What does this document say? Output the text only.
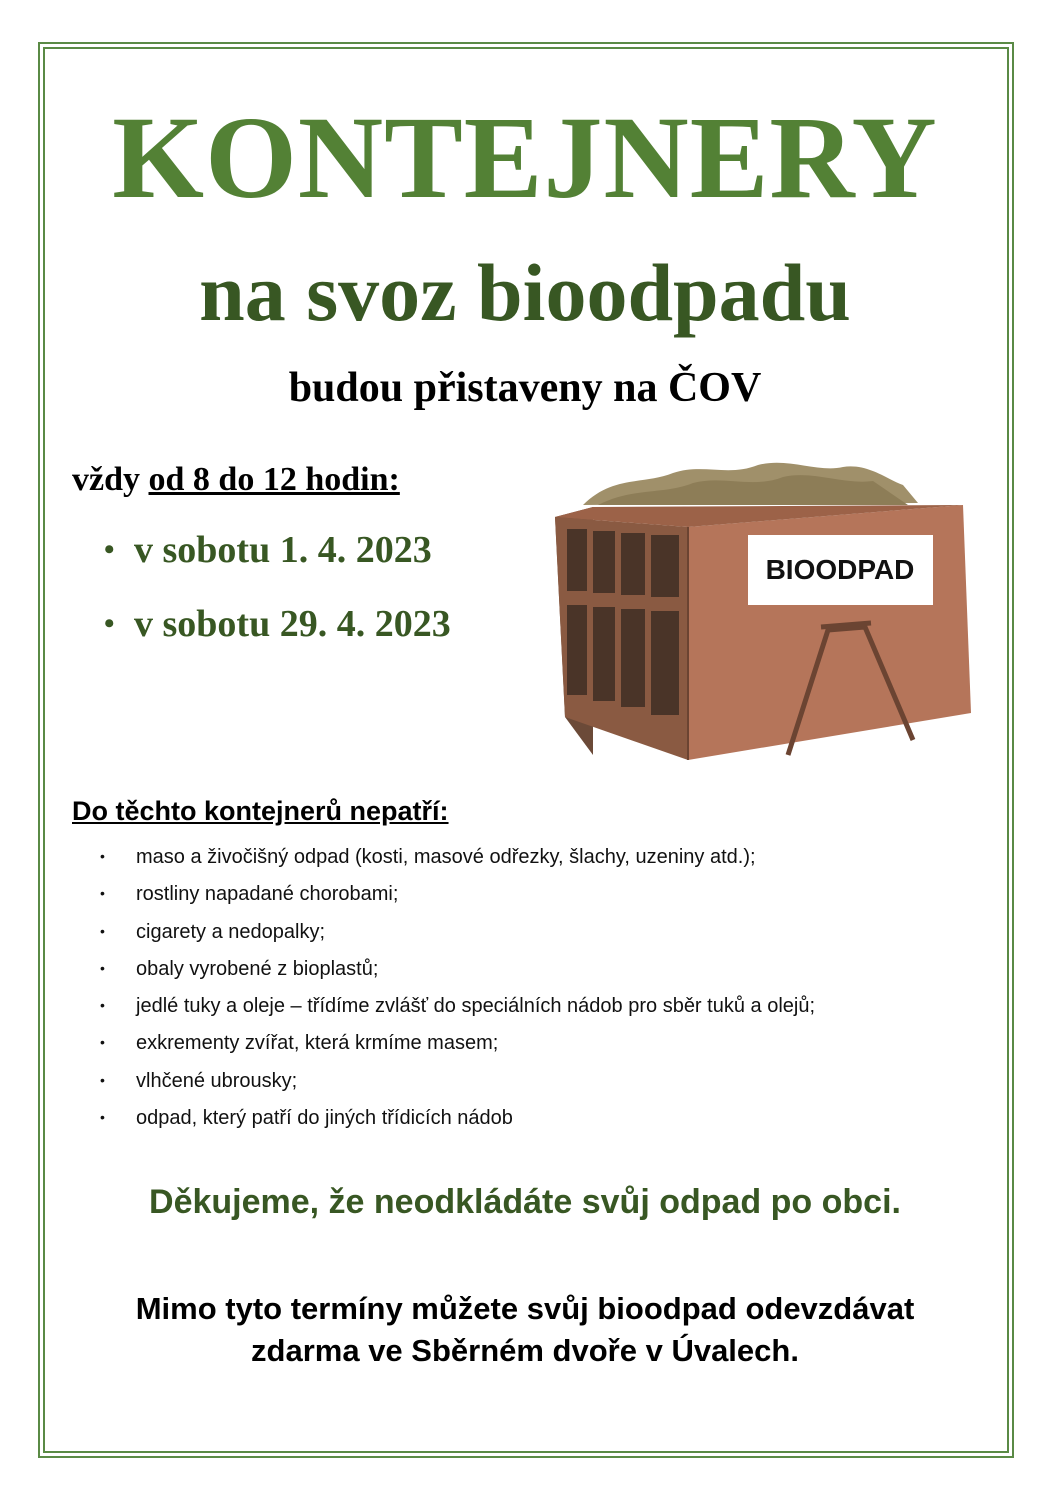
KONTEJNERY
na svoz bioodpadu

budou přistaveny na ČOV

vždy od 8 do 12 hodin:

• v sobotu 1. 4. 2023
• v sobotu 29. 4. 2023
BIOODPAD

Do těchto kontejnerů nepatří:

• maso a živočišný odpad (kosti, masové odřezky, šlachy, uzeniny atd.);
• rostliny napadané chorobami;
• cigarety a nedopalky;
• obaly vyrobené z bioplastů;
• jedlé tuky a oleje – třídíme zvlášť do speciálních nádob pro sběr tuků a olejů;
• exkrementy zvířat, která krmíme masem;
• vlhčené ubrousky;
• odpad, který patří do jiných třídicích nádob

Děkujeme, že neodkládáte svůj odpad po obci.

Mimo tyto termíny můžete svůj bioodpad odevzdávat
zdarma ve Sběrném dvoře v Úvalech.
